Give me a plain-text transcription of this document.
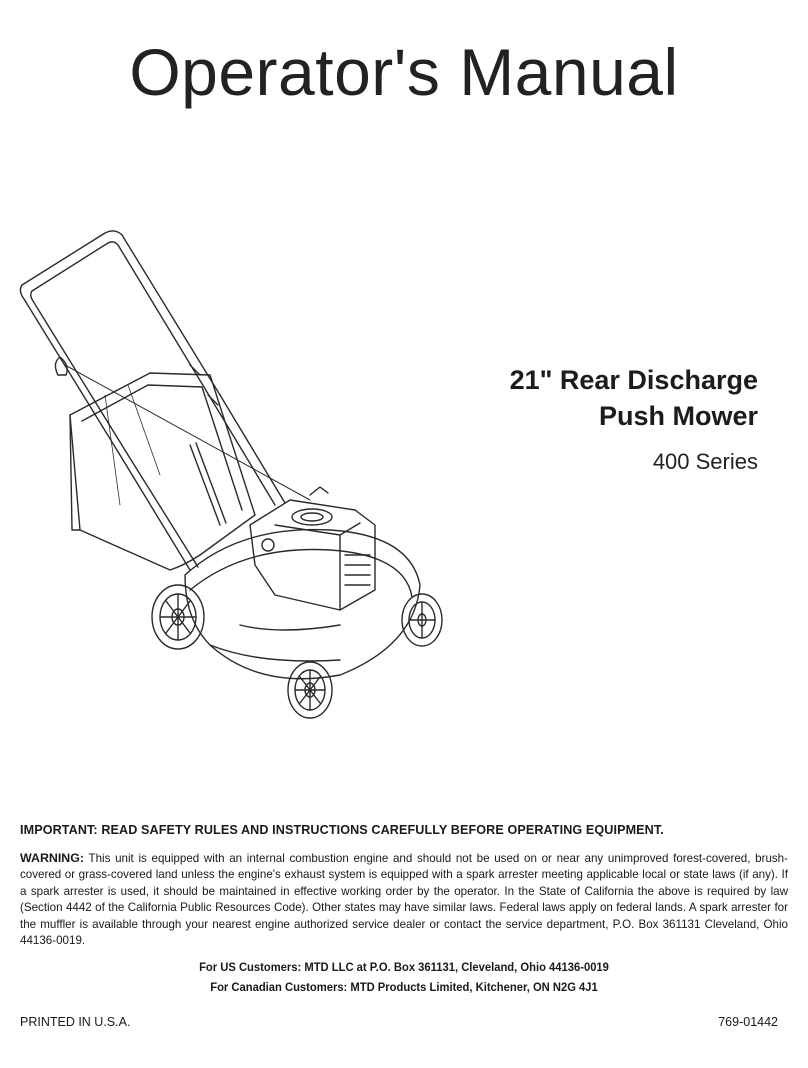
Operator's Manual
21" Rear Discharge
Push Mower
400 Series
IMPORTANT: READ SAFETY RULES AND INSTRUCTIONS CAREFULLY BEFORE OPERATING EQUIPMENT.
WARNING: This unit is equipped with an internal combustion engine and should not be used on or near any unimproved forest-covered, brush-covered or grass-covered land unless the engine's exhaust system is equipped with a spark arrester meeting applicable local or state laws (if any). If a spark arrester is used, it should be maintained in effective working order by the operator. In the State of California the above is required by law (Section 4442 of the California Public Resources Code). Other states may have similar laws. Federal laws apply on federal lands. A spark arrester for the muffler is available through your nearest engine authorized service dealer or contact the service department, P.O. Box 361131 Cleveland, Ohio 44136-0019.
For US Customers: MTD LLC at P.O. Box 361131, Cleveland, Ohio 44136-0019
For Canadian Customers: MTD Products Limited, Kitchener, ON N2G 4J1
PRINTED IN U.S.A.	769-01442
